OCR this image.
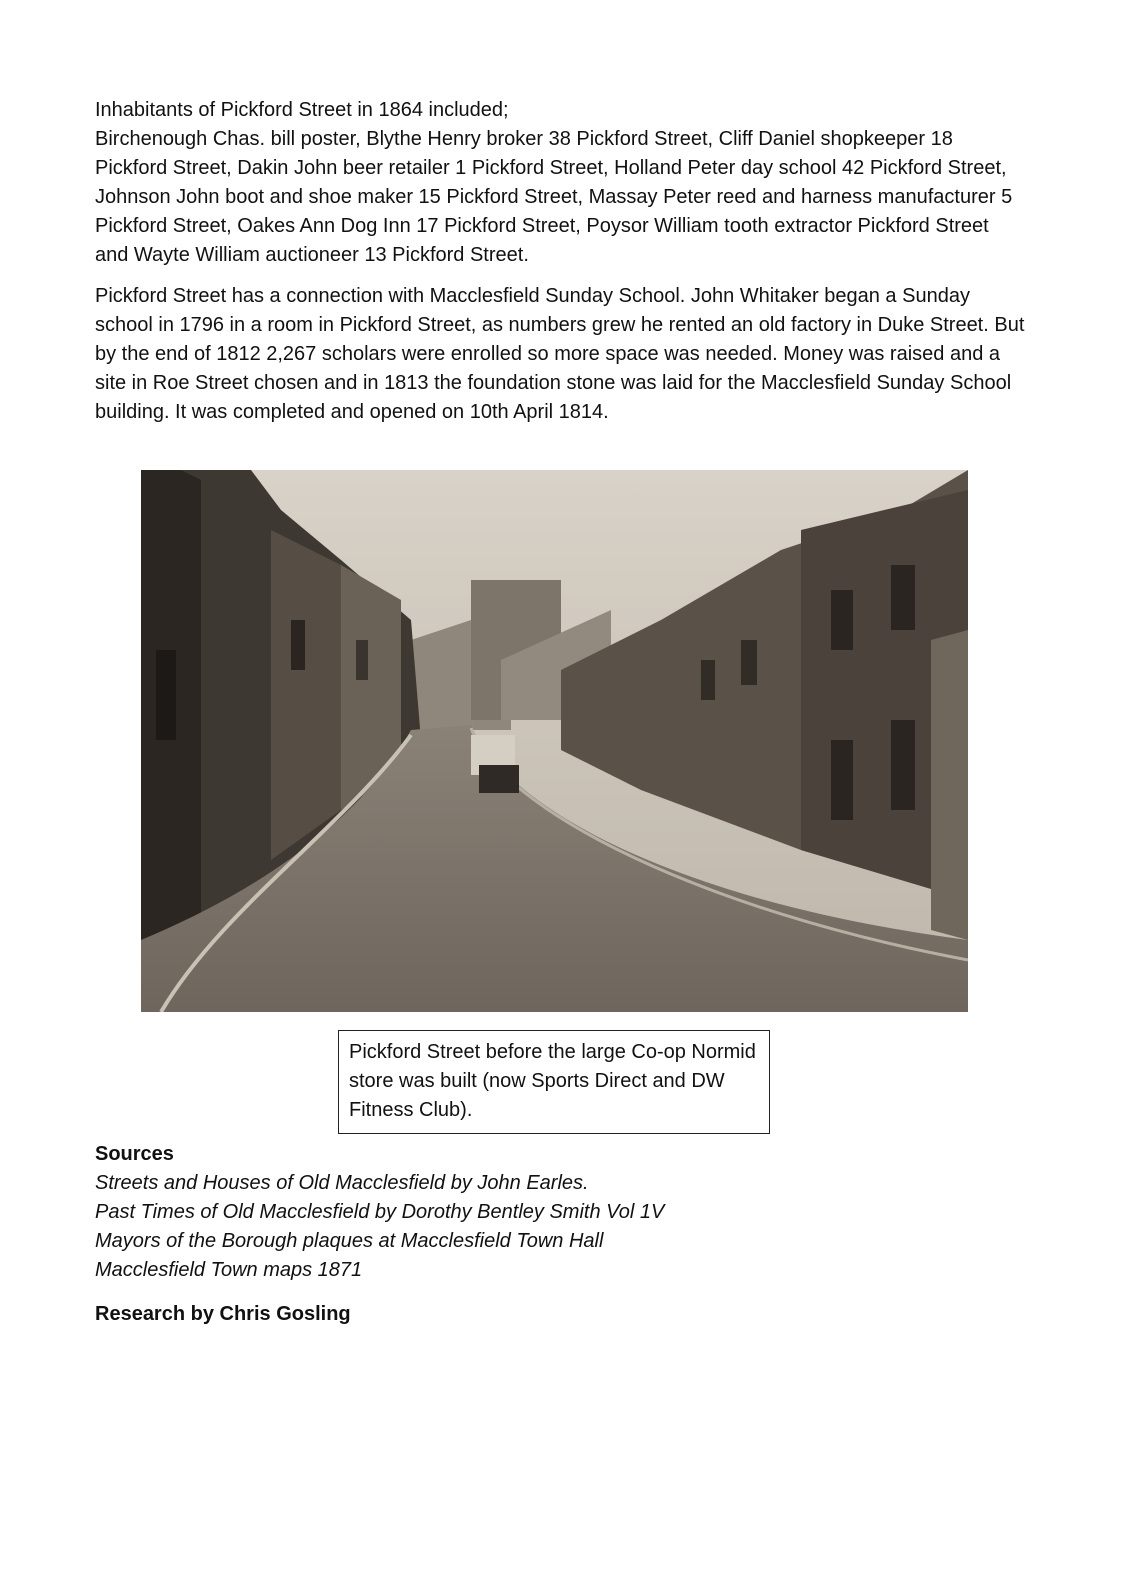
Inhabitants of Pickford Street in 1864 included;
Birchenough Chas. bill poster, Blythe Henry broker 38 Pickford Street, Cliff Daniel shopkeeper 18 Pickford Street, Dakin John beer retailer 1 Pickford Street, Holland Peter day school 42 Pickford Street, Johnson John boot and shoe maker 15 Pickford Street, Massay Peter reed and harness manufacturer 5 Pickford Street, Oakes Ann Dog Inn 17 Pickford Street, Poysor William tooth extractor Pickford Street and Wayte William auctioneer 13 Pickford Street.

Pickford Street has a connection with Macclesfield Sunday School. John Whitaker began a Sunday school in 1796 in a room in Pickford Street, as numbers grew he rented an old factory in Duke Street. But by the end of 1812 2,267 scholars were enrolled so more space was needed. Money was raised and a site in Roe Street chosen and in 1813 the foundation stone was laid for the Macclesfield Sunday School building. It was completed and opened on 10th April 1814.

Pickford Street before the large Co-op Normid store was built (now Sports Direct and DW Fitness Club).
Sources
Streets and Houses of Old Macclesfield by John Earles.
Past Times of Old Macclesfield by Dorothy Bentley Smith Vol 1V
Mayors of the Borough plaques at Macclesfield Town Hall
Macclesfield Town maps 1871
Research by Chris Gosling
